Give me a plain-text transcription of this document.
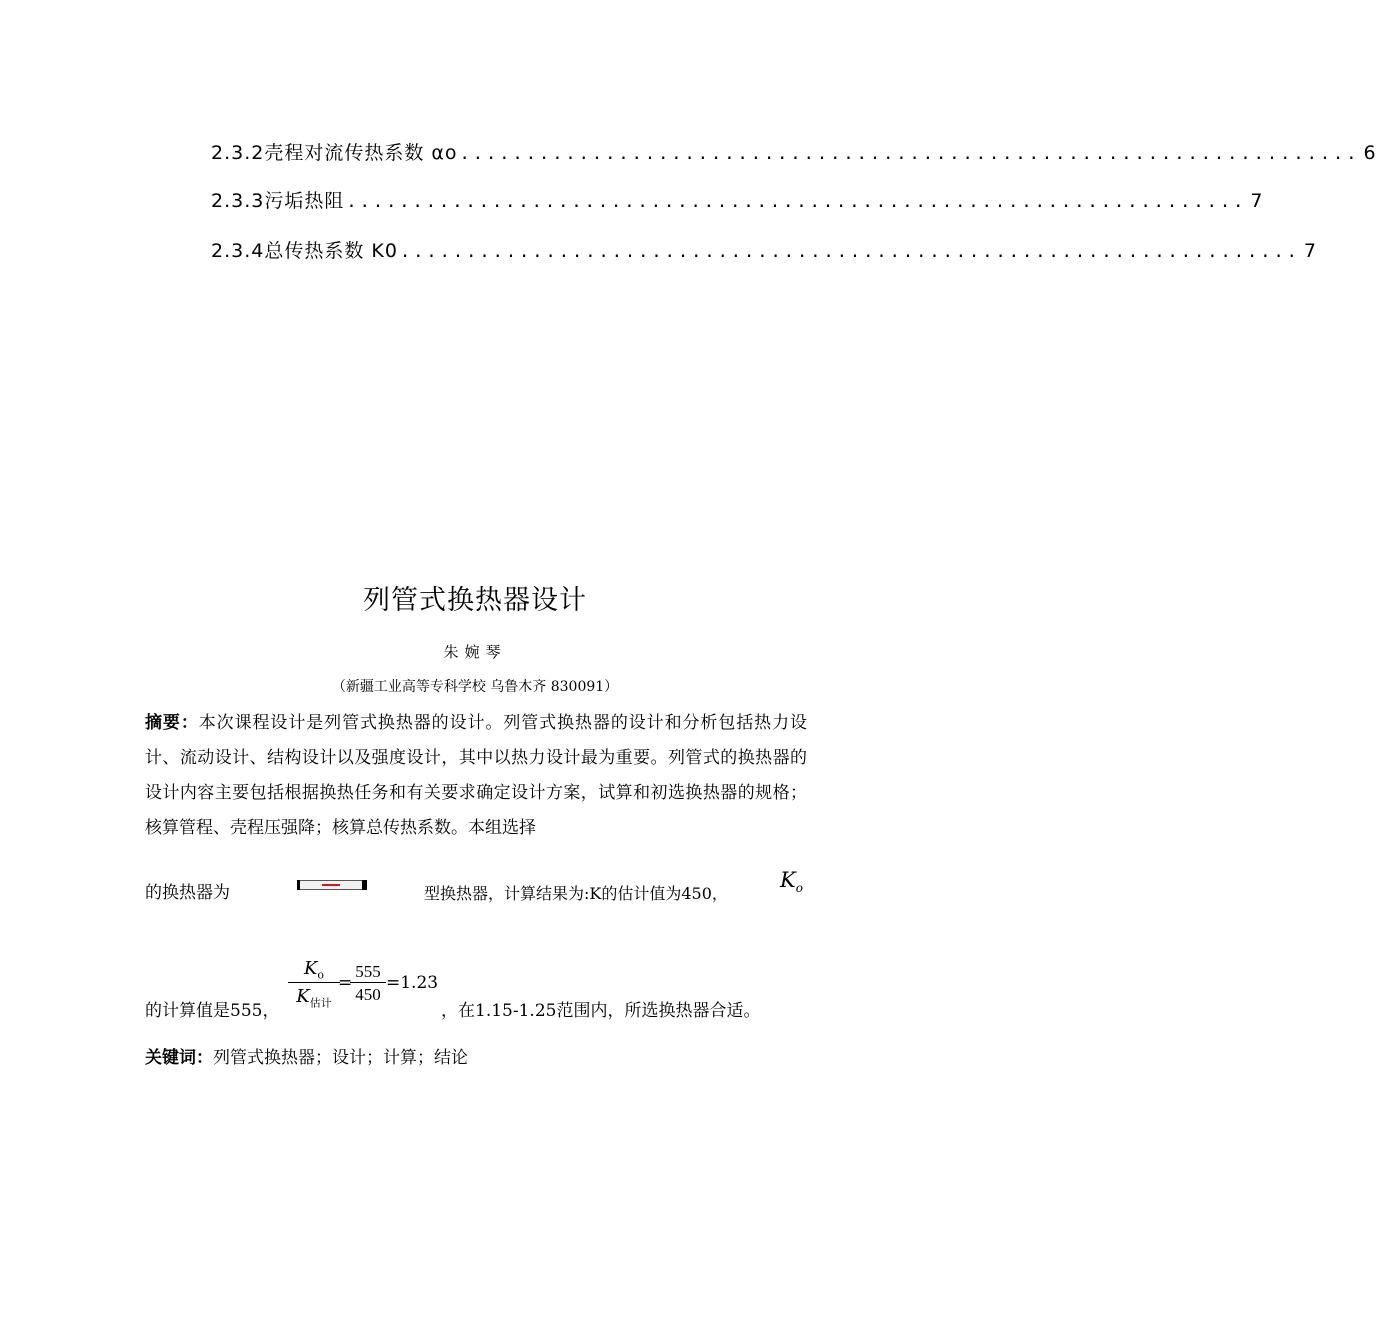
2.3.2壳程对流传热系数 αo .................................................................... 6
2.3.3污垢热阻 .................................................................... 7
2.3.4总传热系数 K0 .................................................................... 7
列管式换热器设计
朱婉琴
（新疆工业高等专科学校 乌鲁木齐 830091）
摘要：本次课程设计是列管式换热器的设计。列管式换热器的设计和分析包括热力设计、流动设计、结构设计以及强度设计，其中以热力设计最为重要。列管式的换热器的设计内容主要包括根据换热任务和有关要求确定设计方案，试算和初选换热器的规格；核算管程、壳程压强降；核算总传热系数。本组选择
的换热器为	型换热器，计算结果为:K的估计值为450，
$K_o$
的计算值是555，
$K_o$
$K_{估计}$
=
555
450
=1.23
，在1.15-1.25范围内，所选换热器合适。
关键词：列管式换热器；设计；计算；结论
